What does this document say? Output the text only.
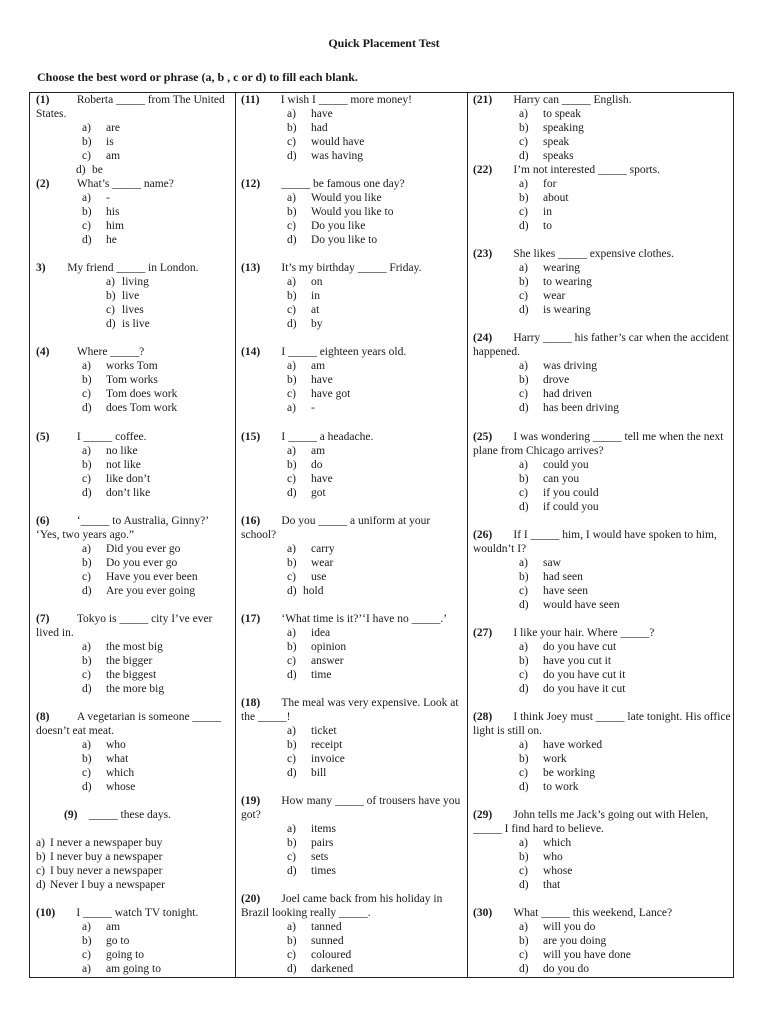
Quick Placement Test
Choose the best word or phrase (a, b , c or d) to fill each blank.
(1) Roberta _____ from The United States.
a) are
b) is
c) am
d) be
(2) What’s _____ name?
a) -
b) his
c) him
d) he
3) My friend _____ in London.
a) living
b) live
c) lives
d) is live
(4) Where _____?
a) works Tom
b) Tom works
c) Tom does work
d) does Tom work
(5) I _____ coffee.
a) no like
b) not like
c) like don’t
d) don’t like
(6) ‘_____ to Australia, Ginny?’ ‘Yes, two years ago.”
a) Did you ever go
b) Do you ever go
c) Have you ever been
d) Are you ever going
(7) Tokyo is _____ city I’ve ever lived in.
a) the most big
b) the bigger
c) the biggest
d) the more big
(8) A vegetarian is someone _____ doesn’t eat meat.
a) who
b) what
c) which
d) whose
(9) _____ these days.
a) I never a newspaper buy
b) I never buy a newspaper
c) I buy never a newspaper
d) Never I buy a newspaper
(10) I _____ watch TV tonight.
a) am
b) go to
c) going to
a) am going to
(11) I wish I _____ more money!
a) have
b) had
c) would have
d) was having
(12) _____ be famous one day?
a) Would you like
b) Would you like to
c) Do you like
d) Do you like to
(13) It’s my birthday _____ Friday.
a) on
b) in
c) at
d) by
(14) I _____ eighteen years old.
a) am
b) have
c) have got
a) -
(15) I _____ a headache.
a) am
b) do
c) have
d) got
(16) Do you _____ a uniform at your school?
a) carry
b) wear
c) use
d) hold
(17) ‘What time is it?’‘I have no _____.’
a) idea
b) opinion
c) answer
d) time
(18) The meal was very expensive. Look at the _____!
a) ticket
b) receipt
c) invoice
d) bill
(19) How many _____ of trousers have you got?
a) items
b) pairs
c) sets
d) times
(20) Joel came back from his holiday in Brazil looking really _____.
a) tanned
b) sunned
c) coloured
d) darkened
(21) Harry can _____ English.
a) to speak
b) speaking
c) speak
d) speaks
(22) I’m not interested _____ sports.
a) for
b) about
c) in
d) to
(23) She likes _____ expensive clothes.
a) wearing
b) to wearing
c) wear
d) is wearing
(24) Harry _____ his father’s car when the accident happened.
a) was driving
b) drove
c) had driven
d) has been driving
(25) I was wondering _____ tell me when the next plane from Chicago arrives?
a) could you
b) can you
c) if you could
d) if could you
(26) If I _____ him, I would have spoken to him, wouldn’t I?
a) saw
b) had seen
c) have seen
d) would have seen
(27) I like your hair. Where _____?
a) do you have cut
b) have you cut it
c) do you have cut it
d) do you have it cut
(28) I think Joey must _____ late tonight. His office light is still on.
a) have worked
b) work
c) be working
d) to work
(29) John tells me Jack’s going out with Helen, _____ I find hard to believe.
a) which
b) who
c) whose
d) that
(30) What _____ this weekend, Lance?
a) will you do
b) are you doing
c) will you have done
d) do you do
